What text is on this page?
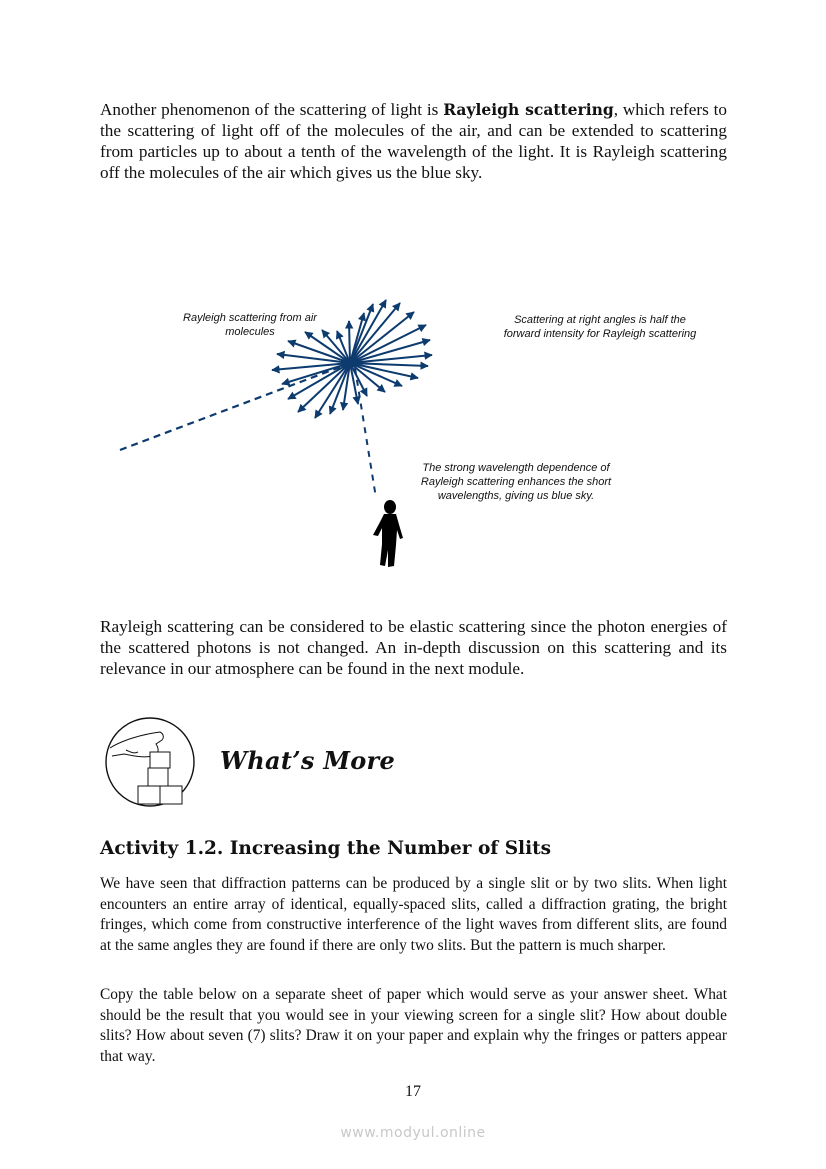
Another phenomenon of the scattering of light is Rayleigh scattering, which refers to the scattering of light off of the molecules of the air, and can be extended to scattering from particles up to about a tenth of the wavelength of the light. It is Rayleigh scattering off the molecules of the air which gives us the blue sky.

Rayleigh scattering from air molecules
Scattering at right angles is half the forward intensity for Rayleigh scattering
The strong wavelength dependence of Rayleigh scattering enhances the short wavelengths, giving us blue sky.

Rayleigh scattering can be considered to be elastic scattering since the photon energies of the scattered photons is not changed. An in-depth discussion on this scattering and its relevance in our atmosphere can be found in the next module.

What’s More
Activity 1.2. Increasing the Number of Slits

We have seen that diffraction patterns can be produced by a single slit or by two slits. When light encounters an entire array of identical, equally-spaced slits, called a diffraction grating, the bright fringes, which come from constructive interference of the light waves from different slits, are found at the same angles they are found if there are only two slits. But the pattern is much sharper.

Copy the table below on a separate sheet of paper which would serve as your answer sheet. What should be the result that you would see in your viewing screen for a single slit? How about double slits? How about seven (7) slits? Draw it on your paper and explain why the fringes or patters appear that way.

17
www.modyul.online
